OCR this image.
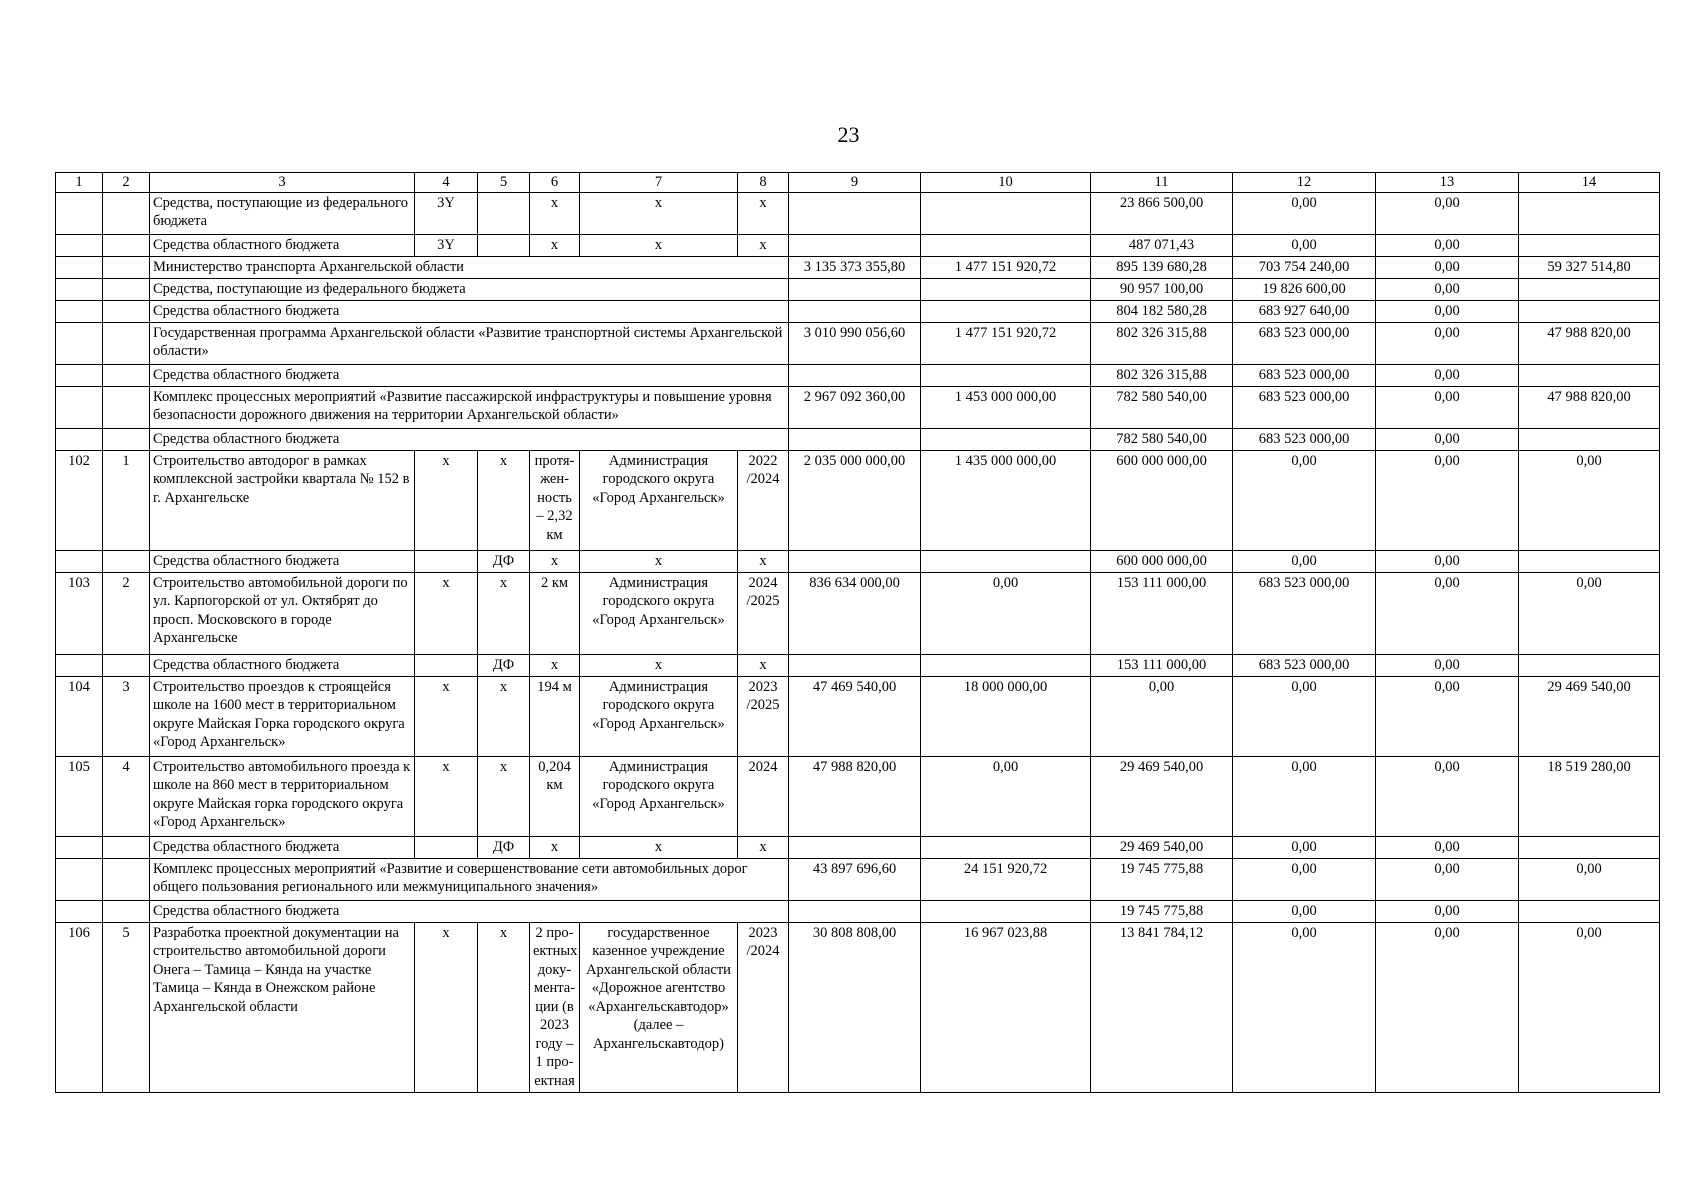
23
1	2	3	4	5	6	7	8	9	10	11	12	13	14
		Средства, поступающие из федерального бюджета	3Y		x	x	x			23 866 500,00	0,00	0,00	
		Средства областного бюджета	3Y		x	x	x			487 071,43	0,00	0,00	
		Министерство транспорта Архангельской области						3 135 373 355,80	1 477 151 920,72	895 139 680,28	703 754 240,00	0,00	59 327 514,80
		Средства, поступающие из федерального бюджета								90 957 100,00	19 826 600,00	0,00	
		Средства областного бюджета								804 182 580,28	683 927 640,00	0,00	
		Государственная программа Архангельской области «Развитие транспортной системы Архангельской области»						3 010 990 056,60	1 477 151 920,72	802 326 315,88	683 523 000,00	0,00	47 988 820,00
		Средства областного бюджета								802 326 315,88	683 523 000,00	0,00	
		Комплекс процессных мероприятий «Развитие пассажирской инфраструктуры и повышение уровня безопасности дорожного движения на территории Архангельской области»						2 967 092 360,00	1 453 000 000,00	782 580 540,00	683 523 000,00	0,00	47 988 820,00
		Средства областного бюджета								782 580 540,00	683 523 000,00	0,00	
102	1	Строительство автодорог в рамках комплексной застройки квартала № 152 в г. Архангельске	x	x	протя-жен-ность – 2,32 км	Администрация городского округа «Город Архангельск»	2022 /2024	2 035 000 000,00	1 435 000 000,00	600 000 000,00	0,00	0,00	0,00
		Средства областного бюджета		ДФ	x	x	x			600 000 000,00	0,00	0,00	
103	2	Строительство автомобильной дороги по ул. Карпогорской от ул. Октябрят до просп. Московского в городе Архангельске	x	x	2 км	Администрация городского округа «Город Архангельск»	2024 /2025	836 634 000,00	0,00	153 111 000,00	683 523 000,00	0,00	0,00
		Средства областного бюджета		ДФ	x	x	x			153 111 000,00	683 523 000,00	0,00	
104	3	Строительство проездов к строящейся школе на 1600 мест в территориальном округе Майская Горка городского округа «Город Архангельск»	x	x	194 м	Администрация городского округа «Город Архангельск»	2023 /2025	47 469 540,00	18 000 000,00	0,00	0,00	0,00	29 469 540,00
105	4	Строительство автомобильного проезда к школе на 860 мест в территориальном округе Майская горка городского округа «Город Архангельск»	x	x	0,204 км	Администрация городского округа «Город Архангельск»	2024	47 988 820,00	0,00	29 469 540,00	0,00	0,00	18 519 280,00
		Средства областного бюджета		ДФ	x	x	x			29 469 540,00	0,00	0,00	
		Комплекс процессных мероприятий «Развитие и совершенствование сети автомобильных дорог общего пользования регионального или межмуниципального значения»						43 897 696,60	24 151 920,72	19 745 775,88	0,00	0,00	0,00
		Средства областного бюджета								19 745 775,88	0,00	0,00	
106	5	Разработка проектной документации на строительство автомобильной дороги Онега – Тамица – Кянда на участке Тамица – Кянда в Онежском районе Архангельской области	x	x	2 про-ектных доку-мента-ции (в 2023 году – 1 про-ектная	государственное казенное учреждение Архангельской области «Дорожное агентство «Архангельскавтодор» (далее – Архангельскавтодор)	2023 /2024	30 808 808,00	16 967 023,88	13 841 784,12	0,00	0,00	0,00
